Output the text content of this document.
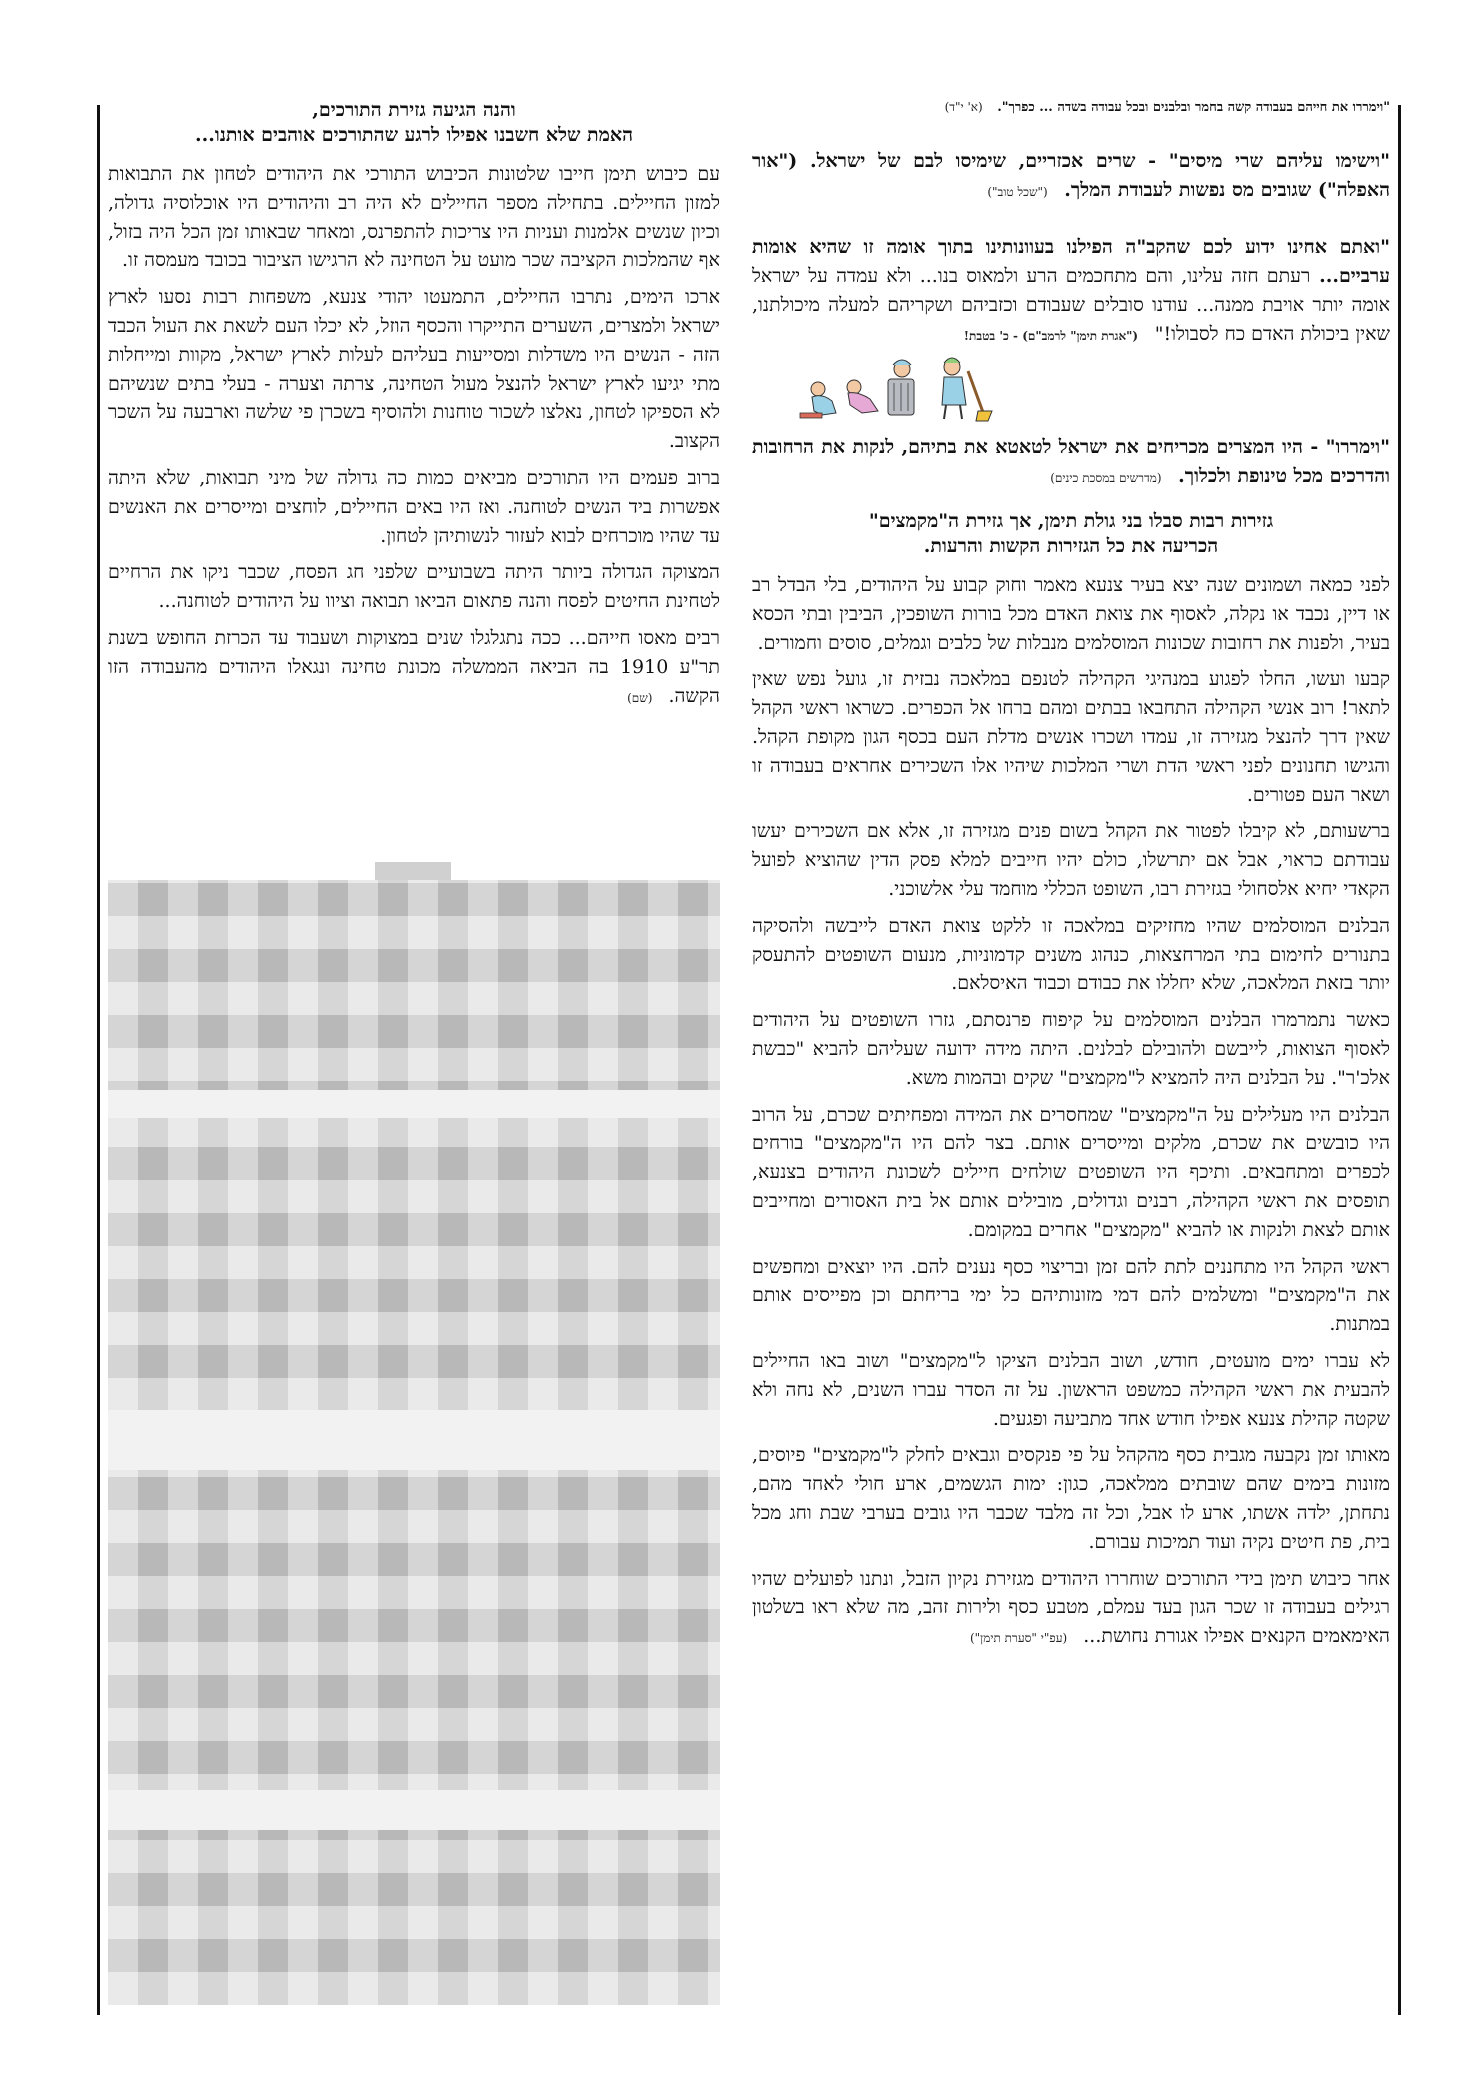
"וימררו את חייהם בעבודה קשה בחמר ובלבנים ובכל עבודה בשדה ... כפרך". (א' י"ד)
"וישימו עליהם שרי מיסים" - שרים אכזריים, שימיסו לבם של ישראל. ("אור האפלה") שגובים מס נפשות לעבודת המלך. ("שכל טוב")
"ואתם אחינו ידוע לכם שהקב"ה הפילנו בעוונותינו בתוך אומה זו שהיא אומות ערביים... רעתם חזה עלינו, והם מתחכמים הרע ולמאוס בנו... ולא עמדה על ישראל אומה יותר אויבת ממנה... עודנו סובלים שעבודם וכזביהם ושקריהם למעלה מיכולתנו, שאין ביכולת האדם כח לסבולו!" ("אגרת תימן" לרמב"ם) - כ' בטבת!
"וימררו" - היו המצרים מכריחים את ישראל לטאטא את בתיהם, לנקות את הרחובות והדרכים מכל טינופת ולכלוך. (מדרשים במסכת כינים)
גזירות רבות סבלו בני גולת תימן, אך גזירת ה"מקמצים"
הכריעה את כל הגזירות הקשות והרעות.

לפני כמאה ושמונים שנה יצא בעיר צנעא מאמר וחוק קבוע על היהודים, בלי הבדל רב או דיין, נכבד או נקלה, לאסוף את צואת האדם מכל בורות השופכין, הביבין ובתי הכסא בעיר, ולפנות את רחובות שכונות המוסלמים מנבלות של כלבים וגמלים, סוסים וחמורים.

קבעו ועשו, החלו לפגוע במנהיגי הקהילה לטנפם במלאכה נבזית זו, גועל נפש שאין לתאר! רוב אנשי הקהילה התחבאו בבתים ומהם ברחו אל הכפרים. כשראו ראשי הקהל שאין דרך להנצל מגזירה זו, עמדו ושכרו אנשים מדלת העם בכסף הגון מקופת הקהל. והגישו תחנונים לפני ראשי הדת ושרי המלכות שיהיו אלו השכירים אחראים בעבודה זו ושאר העם פטורים.

ברשעותם, לא קיבלו לפטור את הקהל בשום פנים מגזירה זו, אלא אם השכירים יעשו עבודתם כראוי, אבל אם יתרשלו, כולם יהיו חייבים למלא פסק הדין שהוציא לפועל הקאדי יחיא אלסחולי בגזירת רבו, השופט הכללי מוחמד עלי אלשוכני.

הבלנים המוסלמים שהיו מחזיקים במלאכה זו ללקט צואת האדם לייבשה ולהסיקה בתנורים לחימום בתי המרחצאות, כנהוג משנים קדמוניות, מנעום השופטים להתעסק יותר בזאת המלאכה, שלא יחללו את כבודם וכבוד האיסלאם.

כאשר נתמרמרו הבלנים המוסלמים על קיפוח פרנסתם, גזרו השופטים על היהודים לאסוף הצואות, לייבשם ולהובילם לבלנים. היתה מידה ידועה שעליהם להביא "כבשת אלכ'ר". על הבלנים היה להמציא ל"מקמצים" שקים ובהמות משא.

הבלנים היו מעלילים על ה"מקמצים" שמחסרים את המידה ומפחיתים שכרם, על הרוב היו כובשים את שכרם, מלקים ומייסרים אותם. בצר להם היו ה"מקמצים" בורחים לכפרים ומתחבאים. ותיכף היו השופטים שולחים חיילים לשכונת היהודים בצנעא, תופסים את ראשי הקהילה, רבנים וגדולים, מובילים אותם אל בית האסורים ומחייבים אותם לצאת ולנקות או להביא "מקמצים" אחרים במקומם.

ראשי הקהל היו מתחננים לתת להם זמן ובריצוי כסף נענים להם. היו יוצאים ומחפשים את ה"מקמצים" ומשלמים להם דמי מזונותיהם כל ימי בריחתם וכן מפייסים אותם במתנות.

לא עברו ימים מועטים, חודש, ושוב הבלנים הציקו ל"מקמצים" ושוב באו החיילים להבעית את ראשי הקהילה כמשפט הראשון. על זה הסדר עברו השנים, לא נחה ולא שקטה קהילת צנעא אפילו חודש אחד מתביעה ופגעים.

מאותו זמן נקבעה מגבית כסף מהקהל על פי פנקסים וגבאים לחלק ל"מקמצים" פיוסים, מזונות בימים שהם שובתים ממלאכה, כגון: ימות הגשמים, ארע חולי לאחד מהם, נתחתן, ילדה אשתו, ארע לו אבל, וכל זה מלבד שכבר היו גובים בערבי שבת וחג מכל בית, פת חיטים נקיה ועוד תמיכות עבורם.

אחר כיבוש תימן בידי התורכים שוחררו היהודים מגזירת נקיון הזבל, ונתנו לפועלים שהיו רגילים בעבודה זו שכר הגון בעד עמלם, מטבע כסף ולירות זהב, מה שלא ראו בשלטון האימאמים הקנאים אפילו אגורת נחושת... (עפ"י "סערת תימן")

והנה הגיעה גזירת התורכים,
האמת שלא חשבנו אפילו לרגע שהתורכים אוהבים אותנו...

עם כיבוש תימן חייבו שלטונות הכיבוש התורכי את היהודים לטחון את התבואות למזון החיילים. בתחילה מספר החיילים לא היה רב והיהודים היו אוכלוסיה גדולה, וכיון שנשים אלמנות ועניות היו צריכות להתפרנס, ומאחר שבאותו זמן הכל היה בזול, אף שהמלכות הקציבה שכר מועט על הטחינה לא הרגישו הציבור בכובד מעמסה זו.

ארכו הימים, נתרבו החיילים, התמעטו יהודי צנעא, משפחות רבות נסעו לארץ ישראל ולמצרים, השערים התייקרו והכסף הוזל, לא יכלו העם לשאת את העול הכבד הזה - הנשים היו משדלות ומסייעות בעליהם לעלות לארץ ישראל, מקוות ומייחלות מתי יגיעו לארץ ישראל להנצל מעול הטחינה, צרתה וצערה - בעלי בתים שנשיהם לא הספיקו לטחון, נאלצו לשכור טוחנות ולהוסיף בשכרן פי שלשה וארבעה על השכר הקצוב.

ברוב פעמים היו התורכים מביאים כמות כה גדולה של מיני תבואות, שלא היתה אפשרות ביד הנשים לטוחנה. ואז היו באים החיילים, לוחצים ומייסרים את האנשים עד שהיו מוכרחים לבוא לעזור לנשותיהן לטחון.

המצוקה הגדולה ביותר היתה בשבועיים שלפני חג הפסח, שכבר ניקו את הרחיים לטחינת החיטים לפסח והנה פתאום הביאו תבואה וציוו על היהודים לטוחנה...

רבים מאסו חייהם... ככה נתגלגלו שנים במצוקות ושעבוד עד הכרזת החופש בשנת תר"ע 1910 בה הביאה הממשלה מכונת טחינה ונגאלו היהודים מהעבודה הזו הקשה. (שם)
